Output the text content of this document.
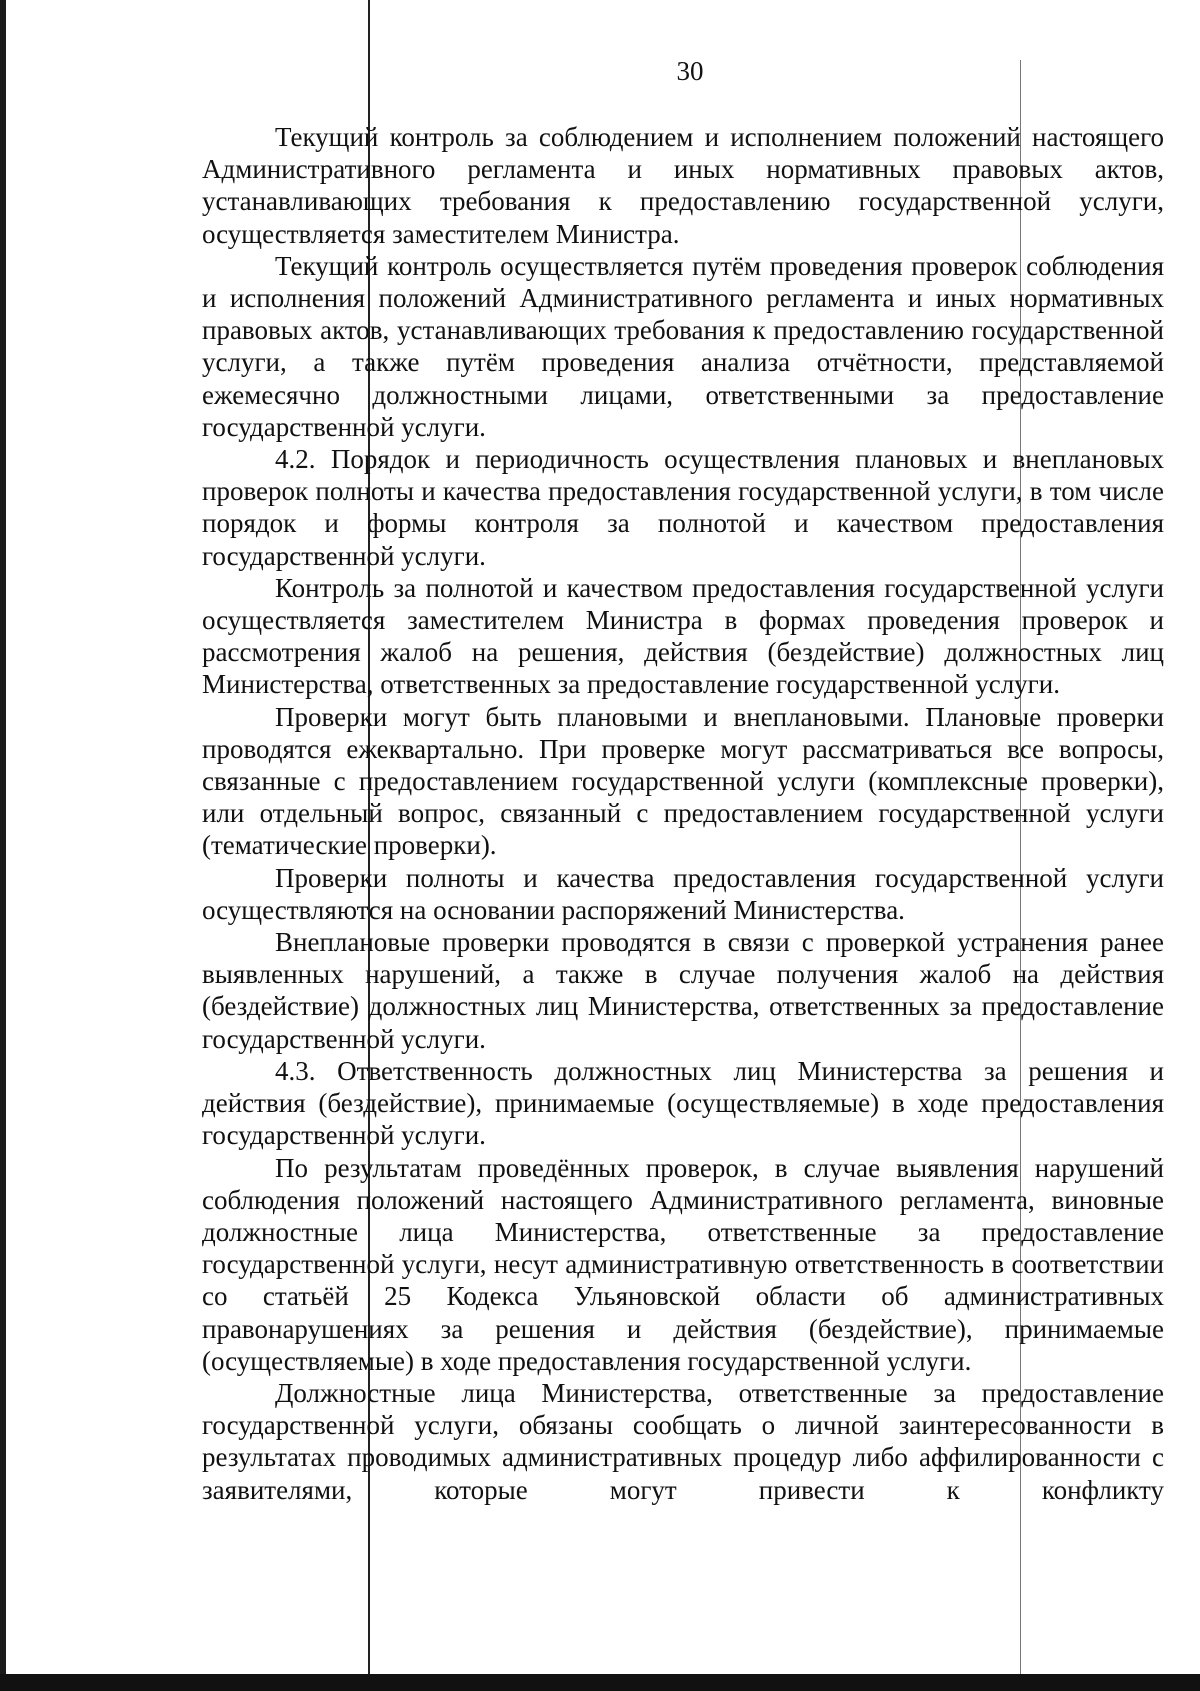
30

Текущий контроль за соблюдением и исполнением положений настоящего Административного регламента и иных нормативных правовых актов, устанавливающих требования к предоставлению государственной услуги, осуществляется заместителем Министра.

Текущий контроль осуществляется путём проведения проверок соблюдения и исполнения положений Административного регламента и иных нормативных правовых актов, устанавливающих требования к предоставлению государственной услуги, а также путём проведения анализа отчётности, представляемой ежемесячно должностными лицами, ответственными за предоставление государственной услуги.

4.2. Порядок и периодичность осуществления плановых и внеплановых проверок полноты и качества предоставления государственной услуги, в том числе порядок и формы контроля за полнотой и качеством предоставления государственной услуги.

Контроль за полнотой и качеством предоставления государственной услуги осуществляется заместителем Министра в формах проведения проверок и рассмотрения жалоб на решения, действия (бездействие) должностных лиц Министерства, ответственных за предоставление государственной услуги.

Проверки могут быть плановыми и внеплановыми. Плановые проверки проводятся ежеквартально. При проверке могут рассматриваться все вопросы, связанные с предоставлением государственной услуги (комплексные проверки), или отдельный вопрос, связанный с предоставлением государственной услуги (тематические проверки).

Проверки полноты и качества предоставления государственной услуги осуществляются на основании распоряжений Министерства.

Внеплановые проверки проводятся в связи с проверкой устранения ранее выявленных нарушений, а также в случае получения жалоб на действия (бездействие) должностных лиц Министерства, ответственных за предоставление государственной услуги.

4.3. Ответственность должностных лиц Министерства за решения и действия (бездействие), принимаемые (осуществляемые) в ходе предоставления государственной услуги.

По результатам проведённых проверок, в случае выявления нарушений соблюдения положений настоящего Административного регламента, виновные должностные лица Министерства, ответственные за предоставление государственной услуги, несут административную ответственность в соответствии со статьёй 25 Кодекса Ульяновской области об административных правонарушениях за решения и действия (бездействие), принимаемые (осуществляемые) в ходе предоставления государственной услуги.

Должностные лица Министерства, ответственные за предоставление государственной услуги, обязаны сообщать о личной заинтересованности в результатах проводимых административных процедур либо аффилированности с заявителями, которые могут привести к конфликту
